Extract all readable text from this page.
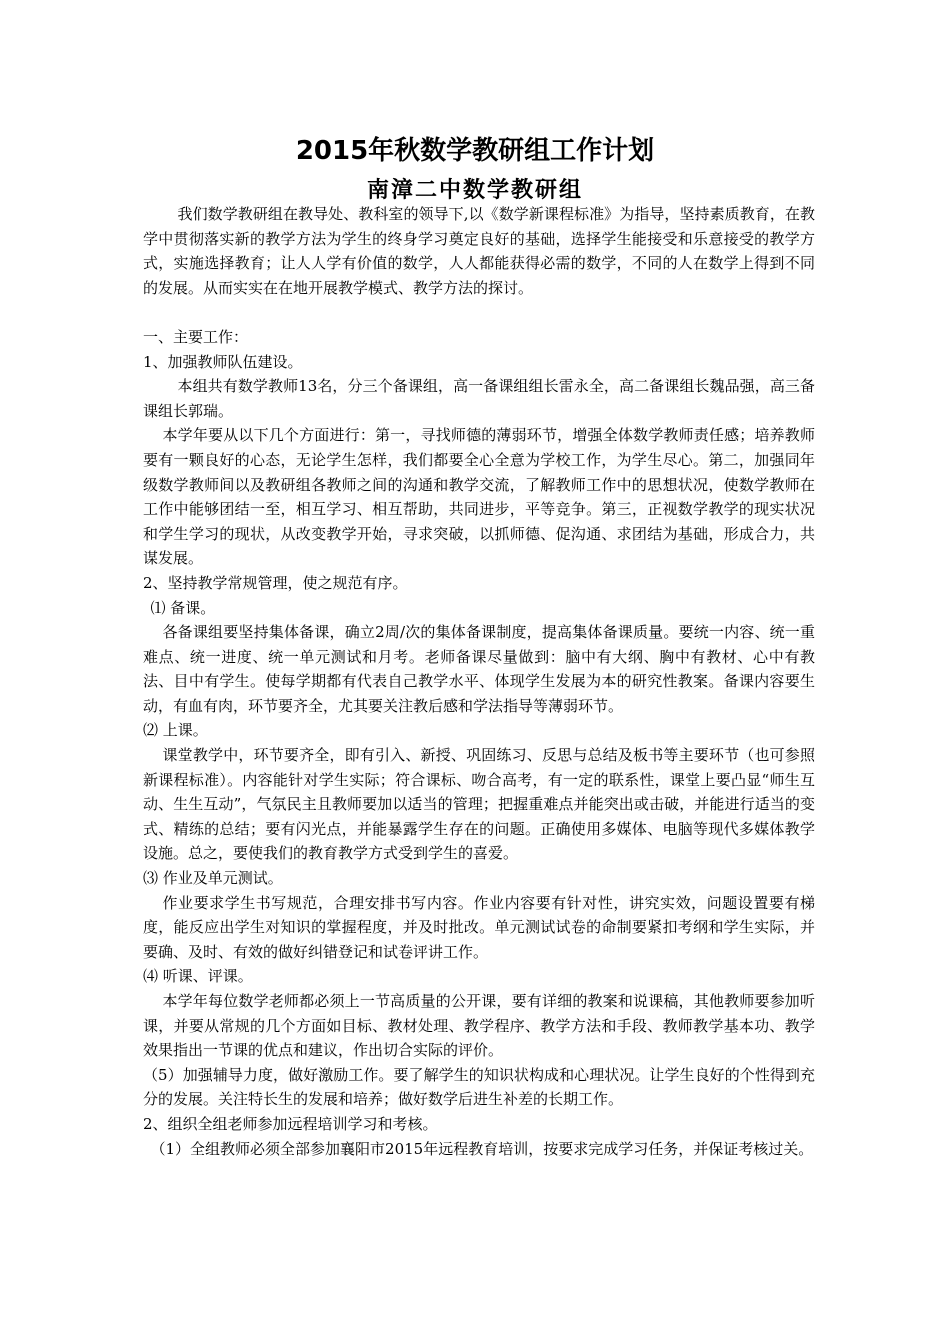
2015年秋数学教研组工作计划
南漳二中数学教研组

我们数学教研组在教导处、教科室的领导下,以《数学新课程标准》为指导，坚持素质教育，在教学中贯彻落实新的教学方法为学生的终身学习奠定良好的基础，选择学生能接受和乐意接受的教学方式，实施选择教育；让人人学有价值的数学，人人都能获得必需的数学，不同的人在数学上得到不同的发展。从而实实在在地开展教学模式、教学方法的探讨。

一、主要工作：

1、加强教师队伍建设。

本组共有数学教师13名，分三个备课组，高一备课组组长雷永全，高二备课组长魏品强，高三备课组长郭瑞。

本学年要从以下几个方面进行：第一，寻找师德的薄弱环节，增强全体数学教师责任感；培养教师要有一颗良好的心态，无论学生怎样，我们都要全心全意为学校工作，为学生尽心。第二，加强同年级数学教师间以及教研组各教师之间的沟通和教学交流，了解教师工作中的思想状况，使数学教师在工作中能够团结一至，相互学习、相互帮助，共同进步，平等竞争。第三，正视数学教学的现实状况和学生学习的现状，从改变教学开始，寻求突破，以抓师德、促沟通、求团结为基础，形成合力，共谋发展。

2、坚持教学常规管理，使之规范有序。

⑴ 备课。

各备课组要坚持集体备课，确立2周/次的集体备课制度，提高集体备课质量。要统一内容、统一重难点、统一进度、统一单元测试和月考。老师备课尽量做到：脑中有大纲、胸中有教材、心中有教法、目中有学生。使每学期都有代表自己教学水平、体现学生发展为本的研究性教案。备课内容要生动，有血有肉，环节要齐全，尤其要关注教后感和学法指导等薄弱环节。

⑵ 上课。

课堂教学中，环节要齐全，即有引入、新授、巩固练习、反思与总结及板书等主要环节（也可参照新课程标准）。内容能针对学生实际；符合课标、吻合高考，有一定的联系性，课堂上要凸显“师生互动、生生互动”，气氛民主且教师要加以适当的管理；把握重难点并能突出或击破，并能进行适当的变式、精练的总结；要有闪光点，并能暴露学生存在的问题。正确使用多媒体、电脑等现代多媒体教学设施。总之，要使我们的教育教学方式受到学生的喜爱。

⑶ 作业及单元测试。

作业要求学生书写规范，合理安排书写内容。作业内容要有针对性，讲究实效，问题设置要有梯度，能反应出学生对知识的掌握程度，并及时批改。单元测试试卷的命制要紧扣考纲和学生实际，并要确、及时、有效的做好纠错登记和试卷评讲工作。

⑷ 听课、评课。

本学年每位数学老师都必须上一节高质量的公开课，要有详细的教案和说课稿，其他教师要参加听课，并要从常规的几个方面如目标、教材处理、教学程序、教学方法和手段、教师教学基本功、教学效果指出一节课的优点和建议，作出切合实际的评价。

（5）加强辅导力度，做好激励工作。要了解学生的知识状构成和心理状况。让学生良好的个性得到充分的发展。关注特长生的发展和培养；做好数学后进生补差的长期工作。

2、组织全组老师参加远程培训学习和考核。

（1）全组教师必须全部参加襄阳市2015年远程教育培训，按要求完成学习任务，并保证考核过关。
